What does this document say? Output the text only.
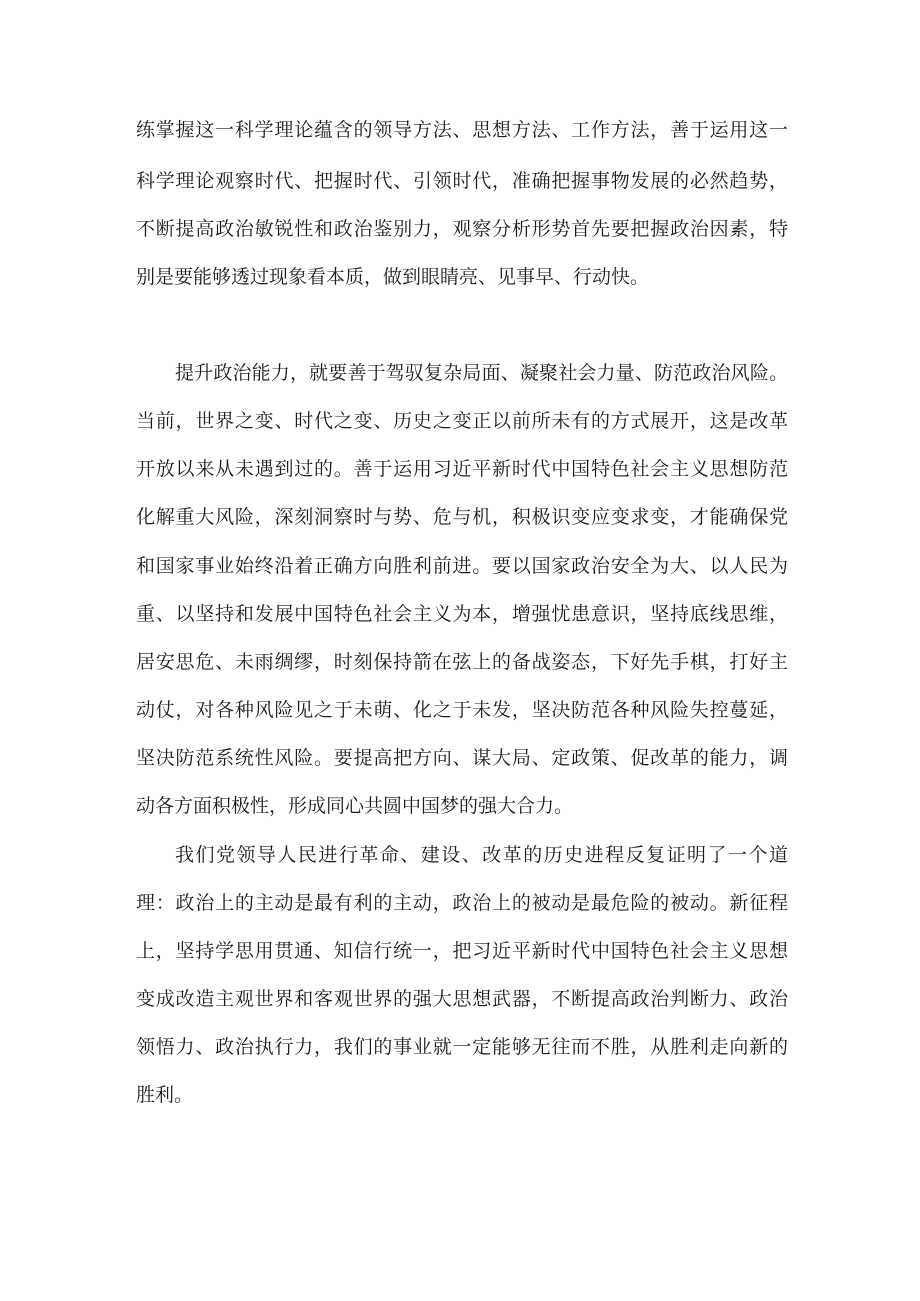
练掌握这一科学理论蕴含的领导方法、思想方法、工作方法，善于运用这一
科学理论观察时代、把握时代、引领时代，准确把握事物发展的必然趋势，
不断提高政治敏锐性和政治鉴别力，观察分析形势首先要把握政治因素，特
别是要能够透过现象看本质，做到眼睛亮、见事早、行动快。
提升政治能力，就要善于驾驭复杂局面、凝聚社会力量、防范政治风险。
当前，世界之变、时代之变、历史之变正以前所未有的方式展开，这是改革
开放以来从未遇到过的。善于运用习近平新时代中国特色社会主义思想防范
化解重大风险，深刻洞察时与势、危与机，积极识变应变求变，才能确保党
和国家事业始终沿着正确方向胜利前进。要以国家政治安全为大、以人民为
重、以坚持和发展中国特色社会主义为本，增强忧患意识，坚持底线思维，
居安思危、未雨绸缪，时刻保持箭在弦上的备战姿态，下好先手棋，打好主
动仗，对各种风险见之于未萌、化之于未发，坚决防范各种风险失控蔓延，
坚决防范系统性风险。要提高把方向、谋大局、定政策、促改革的能力，调
动各方面积极性，形成同心共圆中国梦的强大合力。
我们党领导人民进行革命、建设、改革的历史进程反复证明了一个道
理：政治上的主动是最有利的主动，政治上的被动是最危险的被动。新征程
上，坚持学思用贯通、知信行统一，把习近平新时代中国特色社会主义思想
变成改造主观世界和客观世界的强大思想武器，不断提高政治判断力、政治
领悟力、政治执行力，我们的事业就一定能够无往而不胜，从胜利走向新的
胜利。
